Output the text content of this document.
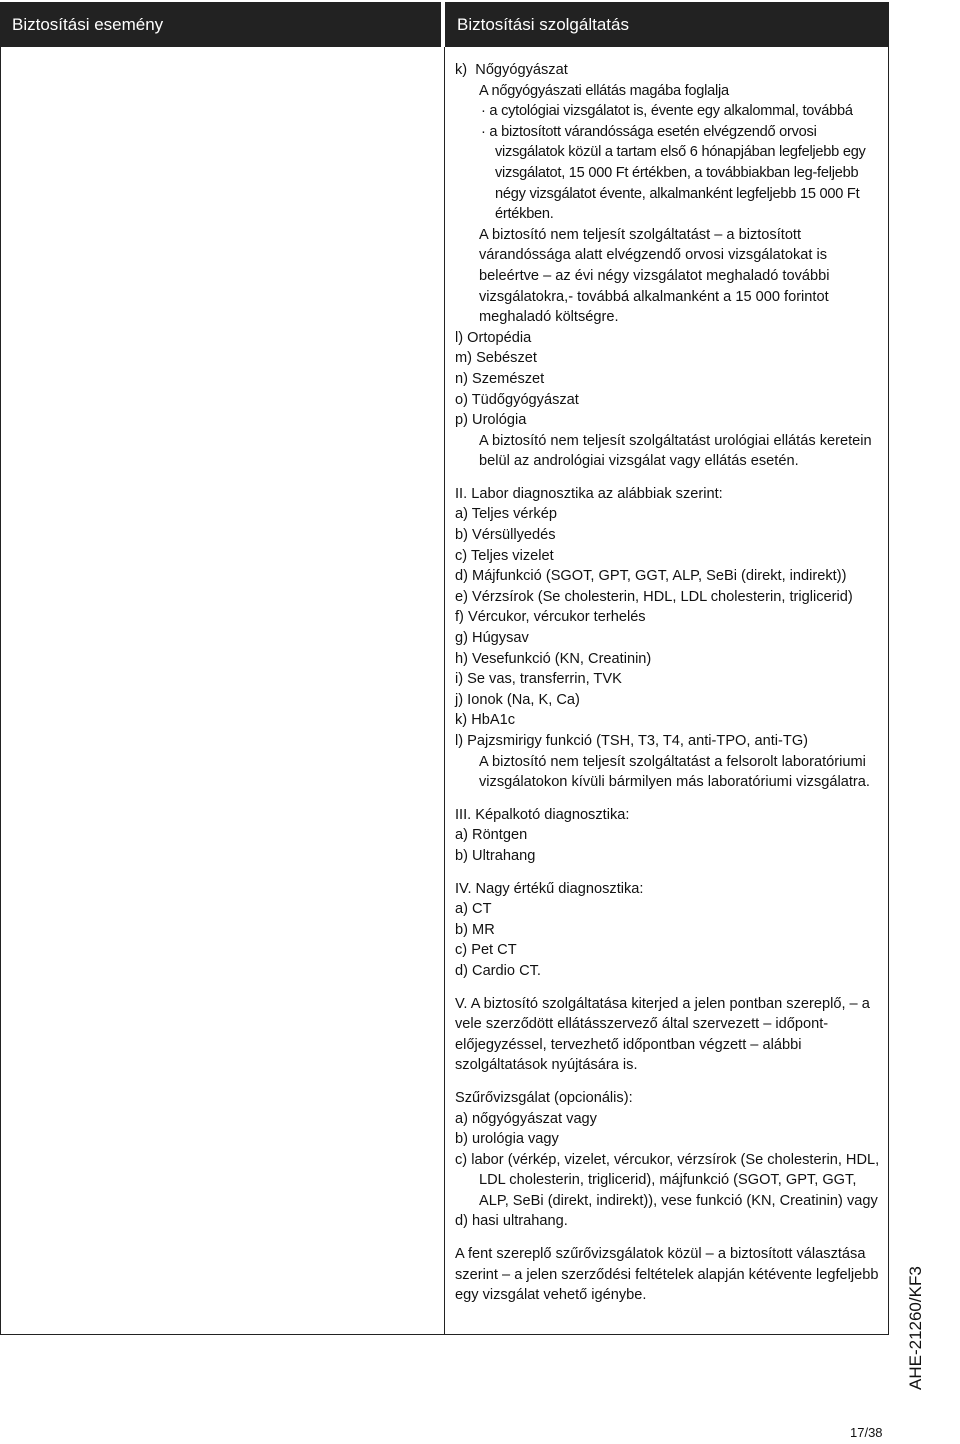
Biztosítási esemény	Biztosítási szolgáltatás

k) Nőgyógyászat

A nőgyógyászati ellátás magába foglalja

· a cytológiai vizsgálatot is, évente egy alkalommal, továbbá

· a biztosított várandóssága esetén elvégzendő orvosi vizsgálatok közül a tartam első 6 hónapjában legfeljebb egy vizsgálatot, 15 000 Ft értékben, a továbbiakban leg-feljebb négy vizsgálatot évente, alkalmanként legfeljebb 15 000 Ft értékben.

A biztosító nem teljesít szolgáltatást – a biztosított várandóssága alatt elvégzendő orvosi vizsgálatokat is beleértve – az évi négy vizsgálatot meghaladó további vizsgálatokra,- továbbá alkalmanként a 15 000 forintot meghaladó költségre.

l) Ortopédia

m) Sebészet

n) Szemészet

o) Tüdőgyógyászat

p) Urológia

A biztosító nem teljesít szolgáltatást urológiai ellátás keretein belül az andrológiai vizsgálat vagy ellátás esetén.

II. Labor diagnosztika az alábbiak szerint:

a) Teljes vérkép

b) Vérsüllyedés

c) Teljes vizelet

d) Májfunkció (SGOT, GPT, GGT, ALP, SeBi (direkt, indirekt))

e) Vérzsírok (Se cholesterin, HDL, LDL cholesterin, triglicerid)

f) Vércukor, vércukor terhelés

g) Húgysav

h) Vesefunkció (KN, Creatinin)

i) Se vas, transferrin, TVK

j) Ionok (Na, K, Ca)

k) HbA1c

l) Pajzsmirigy funkció (TSH, T3, T4, anti-TPO, anti-TG)

A biztosító nem teljesít szolgáltatást a felsorolt laboratóriumi vizsgálatokon kívüli bármilyen más laboratóriumi vizsgálatra.

III. Képalkotó diagnosztika:

a) Röntgen

b) Ultrahang

IV. Nagy értékű diagnosztika:

a) CT

b) MR

c) Pet CT

d) Cardio CT.

V. A biztosító szolgáltatása kiterjed a jelen pontban szereplő, – a vele szerződött ellátásszervező által szervezett – időpont-előjegyzéssel, tervezhető időpontban végzett – alábbi szolgáltatások nyújtására is.

Szűrővizsgálat (opcionális):

a) nőgyógyászat vagy

b) urológia vagy

c) labor (vérkép, vizelet, vércukor, vérzsírok (Se cholesterin, HDL, LDL cholesterin, triglicerid), májfunkció (SGOT, GPT, GGT, ALP, SeBi (direkt, indirekt)), vese funkció (KN, Creatinin) vagy

d) hasi ultrahang.

A fent szereplő szűrővizsgálatok közül – a biztosított választása szerint – a jelen szerződési feltételek alapján kétévente legfeljebb egy vizsgálat vehető igénybe.	AHE-21260/KF3
17/38
